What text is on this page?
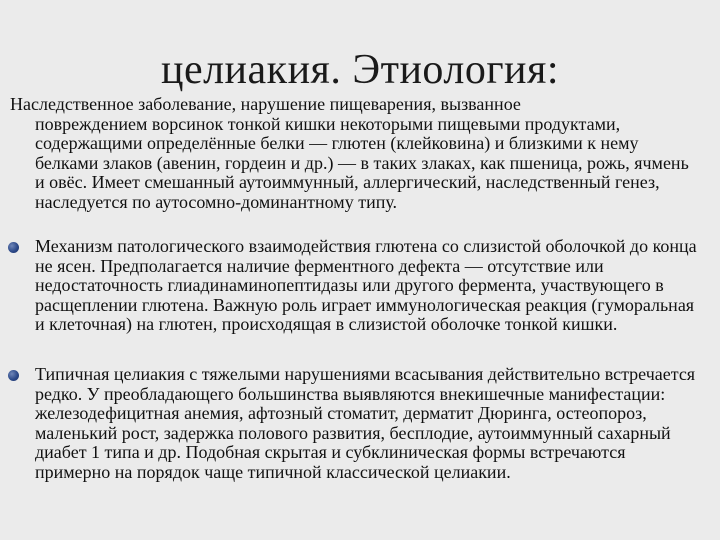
целиакия. Этиология:
Наследственное заболевание, нарушение пищеварения, вызванное
повреждением ворсинок тонкой кишки некоторыми пищевыми продуктами, содержащими определённые белки — глютен (клейковина) и близкими к нему белками злаков (авенин, гордеин и др.) — в таких злаках, как пшеница, рожь, ячмень и овёс. Имеет смешанный аутоиммунный, аллергический, наследственный генез, наследуется по аутосомно-доминантному типу.
Механизм патологического взаимодействия глютена со слизистой оболочкой до конца не ясен. Предполагается наличие ферментного дефекта — отсутствие или недостаточность глиадинаминопептидазы или другого фермента, участвующего в расщеплении глютена. Важную роль играет иммунологическая реакция (гуморальная и клеточная) на глютен, происходящая в слизистой оболочке тонкой кишки.
Типичная целиакия с тяжелыми нарушениями всасывания действительно встречается редко. У преобладающего большинства выявляются внекишечные манифестации: железодефицитная анемия, афтозный стоматит, дерматит Дюринга, остеопороз, маленький рост, задержка полового развития, бесплодие, аутоиммунный сахарный диабет 1 типа и др. Подобная скрытая и субклиническая формы встречаются примерно на порядок чаще типичной классической целиакии.
